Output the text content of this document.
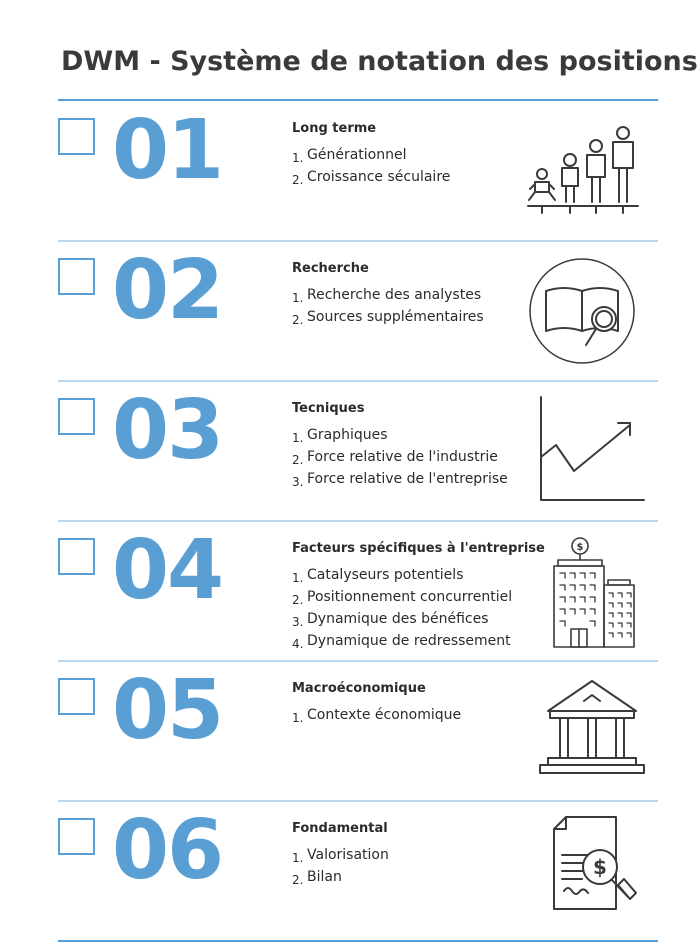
DWM - Système de notation des positions
01	Long terme
1. Générationnel
2. Croissance séculaire
02	Recherche
1. Recherche des analystes
2. Sources supplémentaires
03	Tecniques
1. Graphiques
2. Force relative de l'industrie
3. Force relative de l'entreprise
04	Facteurs spécifiques à l'entreprise
1. Catalyseurs potentiels
2. Positionnement concurrentiel
3. Dynamique des bénéfices
4. Dynamique de redressement
$
05	Macroéconomique
1. Contexte économique
06	Fondamental
1. Valorisation
2. Bilan	$
